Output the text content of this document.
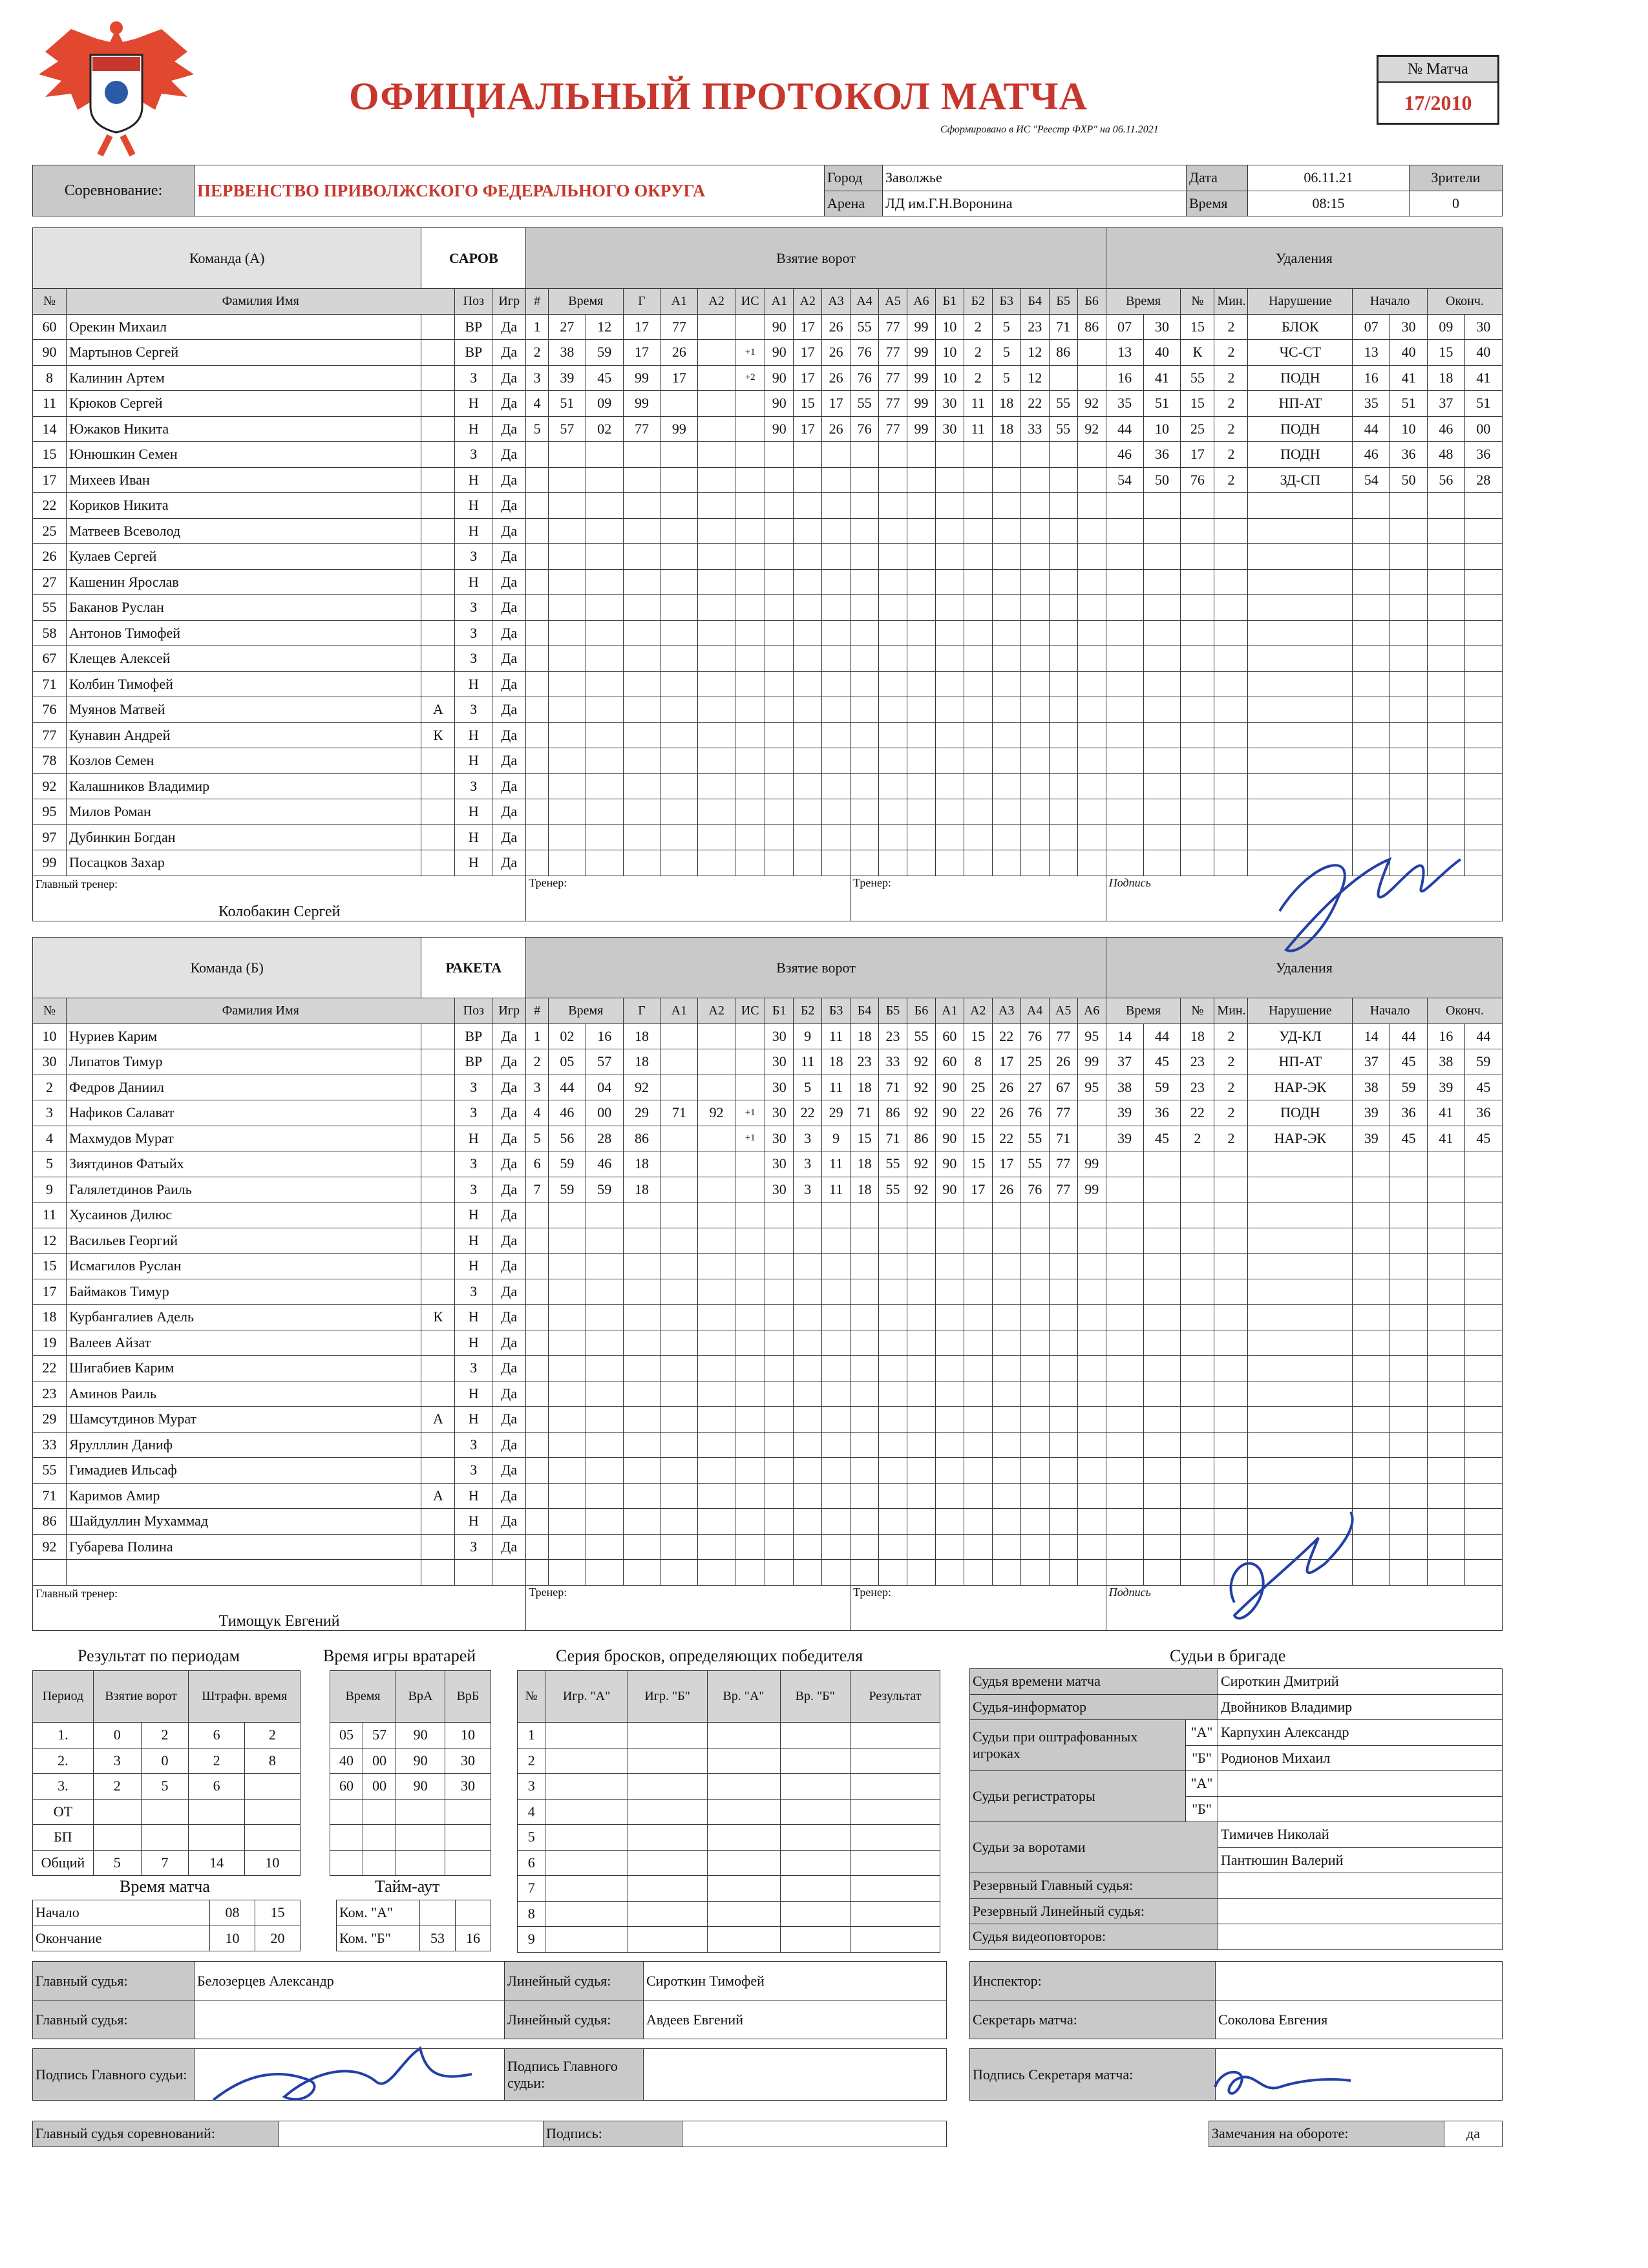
ОФИЦИАЛЬНЫЙ ПРОТОКОЛ МАТЧА
Сформировано в ИС "Реестр ФХР" на 06.11.2021
№ Матча
17/2010
Соревнование:	ПЕРВЕНСТВО ПРИВОЛЖСКОГО ФЕДЕРАЛЬНОГО ОКРУГА	Город	Заволжье	Дата	06.11.21	Зрители
		Арена	ЛД им.Г.Н.Воронина	Время	08:15	0
Команда (А)		САРОВ			Взятие ворот																			Удаления								
№	Фамилия Имя		Поз	Игр	#	Время		Г	А1	А2	ИС	А1	А2	А3	А4	А5	А6	Б1	Б2	Б3	Б4	Б5	Б6	Время		№	Мин.	Нарушение	Начало		Оконч.	
60	Орекин Михаил		ВР	Да	1	27	12	17	77			90	17	26	55	77	99	10	2	5	23	71	86	07	30	15	2	БЛОК	07	30	09	30
90	Мартынов Сергей		ВР	Да	2	38	59	17	26		+1	90	17	26	76	77	99	10	2	5	12	86		13	40	К	2	ЧС-СТ	13	40	15	40
8	Калинин Артем		З	Да	3	39	45	99	17		+2	90	17	26	76	77	99	10	2	5	12			16	41	55	2	ПОДН	16	41	18	41
11	Крюков Сергей		Н	Да	4	51	09	99				90	15	17	55	77	99	30	11	18	22	55	92	35	51	15	2	НП-АТ	35	51	37	51
14	Южаков Никита		Н	Да	5	57	02	77	99			90	17	26	76	77	99	30	11	18	33	55	92	44	10	25	2	ПОДН	44	10	46	00
15	Юнюшкин Семен		З	Да																				46	36	17	2	ПОДН	46	36	48	36
17	Михеев Иван		Н	Да																				54	50	76	2	ЗД-СП	54	50	56	28
22	Кориков Никита		Н	Да																												
25	Матвеев Всеволод		Н	Да																												
26	Кулаев Сергей		З	Да																												
27	Кашенин Ярослав		Н	Да																												
55	Баканов Руслан		З	Да																												
58	Антонов Тимофей		З	Да																												
67	Клещев Алексей		З	Да																												
71	Колбин Тимофей		Н	Да																												
76	Муянов Матвей	А	З	Да																												
77	Кунавин Андрей	К	Н	Да																												
78	Козлов Семен		Н	Да																												
92	Калашников Владимир		З	Да																												
95	Милов Роман		Н	Да																												
97	Дубинкин Богдан		Н	Да																												
99	Посацков Захар		Н	Да																												

Главный тренер:
Колобакин Сергей					Тренер:										Тренер:									Подпись								
Команда (Б)		РАКЕТА			Взятие ворот																			Удаления								
№	Фамилия Имя		Поз	Игр	#	Время		Г	А1	А2	ИС	Б1	Б2	Б3	Б4	Б5	Б6	А1	А2	А3	А4	А5	А6	Время		№	Мин.	Нарушение	Начало		Оконч.	
10	Нуриев Карим		ВР	Да	1	02	16	18				30	9	11	18	23	55	60	15	22	76	77	95	14	44	18	2	УД-КЛ	14	44	16	44
30	Липатов Тимур		ВР	Да	2	05	57	18				30	11	18	23	33	92	60	8	17	25	26	99	37	45	23	2	НП-АТ	37	45	38	59
2	Федров Даниил		З	Да	3	44	04	92				30	5	11	18	71	92	90	25	26	27	67	95	38	59	23	2	НАР-ЭК	38	59	39	45
3	Нафиков Салават		З	Да	4	46	00	29	71	92	+1	30	22	29	71	86	92	90	22	26	76	77		39	36	22	2	ПОДН	39	36	41	36
4	Махмудов Мурат		Н	Да	5	56	28	86			+1	30	3	9	15	71	86	90	15	22	55	71		39	45	2	2	НАР-ЭК	39	45	41	45
5	Зиятдинов Фатыйх		З	Да	6	59	46	18				30	3	11	18	55	92	90	15	17	55	77	99									
9	Галялетдинов Раиль		З	Да	7	59	59	18				30	3	11	18	55	92	90	17	26	76	77	99									
11	Хусаинов Дилюс		Н	Да																												
12	Васильев Георгий		Н	Да																												
15	Исмагилов Руслан		Н	Да																												
17	Баймаков Тимур		З	Да																												
18	Курбангалиев Адель	К	Н	Да																												
19	Валеев Айзат		Н	Да																												
22	Шигабиев Карим		З	Да																												
23	Аминов Раиль		Н	Да																												
29	Шамсутдинов Мурат	А	Н	Да																												
33	Ярулллин Даниф		З	Да																												
55	Гимадиев Ильсаф		З	Да																												
71	Каримов Амир	А	Н	Да																												
86	Шайдуллин Мухаммад		Н	Да																												
92	Губарева Полина		З	Да																												

Главный тренер:
Тимощук Евгений					Тренер:										Тренер:									Подпись								
Результат по периодам
Период	Взятие ворот		Штрафн. время	
1.	0	2	6	2
2.	3	0	2	8
3.	2	5	6	
ОТ				
БП				
Общий	5	7	14	10
Время игры вратарей
Время		ВрА	ВрБ
05	57	90	10
40	00	90	30
60	00	90	30

Серия бросков, определяющих победителя
№	Игр. "А"	Игр. "Б"	Вр. "А"	Вр. "Б"	Результат
1					
2					
3					
4					
5					
6					
7					
8					
9					
Время матча
Начало	08	15
Окончание	10	20
Тайм-аут
Ком. "А"		
Ком. "Б"	53	16
Судьи в бригаде
Судья времени матча		Сироткин Дмитрий
Судья-информатор		Двойников Владимир
Судьи при оштрафованных игроках	"А"	Карпухин Александр
	"Б"	Родионов Михаил
Судьи регистраторы	"А"	
	"Б"	
Судьи за воротами		Тимичев Николай
		Пантюшин Валерий
Резервный Главный судья:		
Резервный Линейный судья:		
Судья видеоповторов:		
Главный судья:	Белозерцев Александр	Линейный судья:	Сироткин Тимофей
Главный судья:		Линейный судья:	Авдеев Евгений
Инспектор:	
Секретарь матча:	Соколова Евгения
Подпись Главного судьи:		Подпись Главного судьи:	
Подпись Секретаря матча:	
Главный судья соревнований:		Подпись:		Замечания на обороте:	да
